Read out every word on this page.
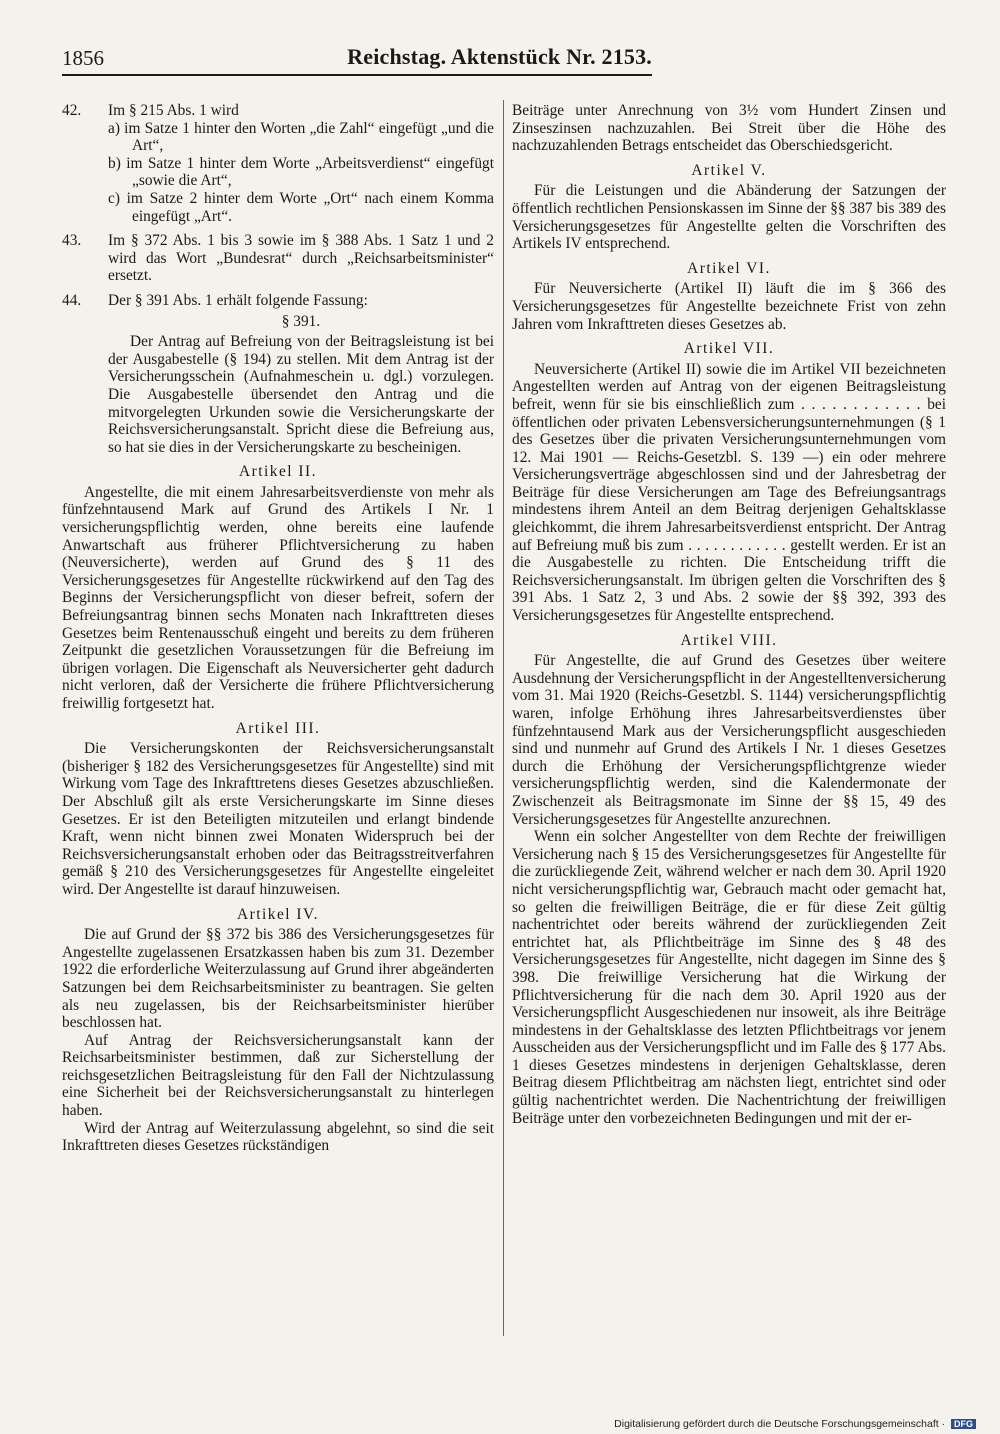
1856	Reichstag. Aktenstück Nr. 2153.
42.	Im § 215 Abs. 1 wird

a) im Satze 1 hinter den Worten „die Zahl“ eingefügt „und die Art“,

b) im Satze 1 hinter dem Worte „Arbeitsverdienst“ eingefügt „sowie die Art“,

c) im Satze 2 hinter dem Worte „Ort“ nach einem Komma eingefügt „Art“.

43.	Im § 372 Abs. 1 bis 3 sowie im § 388 Abs. 1 Satz 1 und 2 wird das Wort „Bundesrat“ durch „Reichsarbeitsminister“ ersetzt.

44.	Der § 391 Abs. 1 erhält folgende Fassung:

§ 391.

Der Antrag auf Befreiung von der Beitragsleistung ist bei der Ausgabestelle (§ 194) zu stellen. Mit dem Antrag ist der Versicherungsschein (Aufnahmeschein u. dgl.) vorzulegen. Die Ausgabestelle übersendet den Antrag und die mitvorgelegten Urkunden sowie die Versicherungskarte der Reichsversicherungsanstalt. Spricht diese die Befreiung aus, so hat sie dies in der Versicherungskarte zu bescheinigen.

Artikel II.

Angestellte, die mit einem Jahresarbeitsverdienste von mehr als fünfzehntausend Mark auf Grund des Artikels I Nr. 1 versicherungspflichtig werden, ohne bereits eine laufende Anwartschaft aus früherer Pflichtversicherung zu haben (Neuversicherte), werden auf Grund des § 11 des Versicherungsgesetzes für Angestellte rückwirkend auf den Tag des Beginns der Versicherungspflicht von dieser befreit, sofern der Befreiungsantrag binnen sechs Monaten nach Inkrafttreten dieses Gesetzes beim Rentenausschuß eingeht und bereits zu dem früheren Zeitpunkt die gesetzlichen Voraussetzungen für die Befreiung im übrigen vorlagen. Die Eigenschaft als Neuversicherter geht dadurch nicht verloren, daß der Versicherte die frühere Pflichtversicherung freiwillig fortgesetzt hat.

Artikel III.

Die Versicherungskonten der Reichsversicherungsanstalt (bisheriger § 182 des Versicherungsgesetzes für Angestellte) sind mit Wirkung vom Tage des Inkrafttretens dieses Gesetzes abzuschließen. Der Abschluß gilt als erste Versicherungskarte im Sinne dieses Gesetzes. Er ist den Beteiligten mitzuteilen und erlangt bindende Kraft, wenn nicht binnen zwei Monaten Widerspruch bei der Reichsversicherungsanstalt erhoben oder das Beitragsstreitverfahren gemäß § 210 des Versicherungsgesetzes für Angestellte eingeleitet wird. Der Angestellte ist darauf hinzuweisen.

Artikel IV.

Die auf Grund der §§ 372 bis 386 des Versicherungsgesetzes für Angestellte zugelassenen Ersatzkassen haben bis zum 31. Dezember 1922 die erforderliche Weiterzulassung auf Grund ihrer abgeänderten Satzungen bei dem Reichsarbeitsminister zu beantragen. Sie gelten als neu zugelassen, bis der Reichsarbeitsminister hierüber beschlossen hat.

Auf Antrag der Reichsversicherungsanstalt kann der Reichsarbeitsminister bestimmen, daß zur Sicherstellung der reichsgesetzlichen Beitragsleistung für den Fall der Nichtzulassung eine Sicherheit bei der Reichsversicherungsanstalt zu hinterlegen haben.

Wird der Antrag auf Weiterzulassung abgelehnt, so sind die seit Inkrafttreten dieses Gesetzes rückständigen

Beiträge unter Anrechnung von 3½ vom Hundert Zinsen und Zinseszinsen nachzuzahlen. Bei Streit über die Höhe des nachzuzahlenden Betrags entscheidet das Oberschiedsgericht.

Artikel V.

Für die Leistungen und die Abänderung der Satzungen der öffentlich rechtlichen Pensionskassen im Sinne der §§ 387 bis 389 des Versicherungsgesetzes für Angestellte gelten die Vorschriften des Artikels IV entsprechend.

Artikel VI.

Für Neuversicherte (Artikel II) läuft die im § 366 des Versicherungsgesetzes für Angestellte bezeichnete Frist von zehn Jahren vom Inkrafttreten dieses Gesetzes ab.

Artikel VII.

Neuversicherte (Artikel II) sowie die im Artikel VII bezeichneten Angestellten werden auf Antrag von der eigenen Beitragsleistung befreit, wenn für sie bis einschließlich zum . . . . . . . . . . . . bei öffentlichen oder privaten Lebensversicherungsunternehmungen (§ 1 des Gesetzes über die privaten Versicherungsunternehmungen vom 12. Mai 1901 — Reichs-Gesetzbl. S. 139 —) ein oder mehrere Versicherungsverträge abgeschlossen sind und der Jahresbetrag der Beiträge für diese Versicherungen am Tage des Befreiungsantrags mindestens ihrem Anteil an dem Beitrag derjenigen Gehaltsklasse gleichkommt, die ihrem Jahresarbeitsverdienst entspricht. Der Antrag auf Befreiung muß bis zum . . . . . . . . . . . . gestellt werden. Er ist an die Ausgabestelle zu richten. Die Entscheidung trifft die Reichsversicherungsanstalt. Im übrigen gelten die Vorschriften des § 391 Abs. 1 Satz 2, 3 und Abs. 2 sowie der §§ 392, 393 des Versicherungsgesetzes für Angestellte entsprechend.

Artikel VIII.

Für Angestellte, die auf Grund des Gesetzes über weitere Ausdehnung der Versicherungspflicht in der Angestelltenversicherung vom 31. Mai 1920 (Reichs-Gesetzbl. S. 1144) versicherungspflichtig waren, infolge Erhöhung ihres Jahresarbeitsverdienstes über fünfzehntausend Mark aus der Versicherungspflicht ausgeschieden sind und nunmehr auf Grund des Artikels I Nr. 1 dieses Gesetzes durch die Erhöhung der Versicherungspflichtgrenze wieder versicherungspflichtig werden, sind die Kalendermonate der Zwischenzeit als Beitragsmonate im Sinne der §§ 15, 49 des Versicherungsgesetzes für Angestellte anzurechnen.

Wenn ein solcher Angestellter von dem Rechte der freiwilligen Versicherung nach § 15 des Versicherungsgesetzes für Angestellte für die zurückliegende Zeit, während welcher er nach dem 30. April 1920 nicht versicherungspflichtig war, Gebrauch macht oder gemacht hat, so gelten die freiwilligen Beiträge, die er für diese Zeit gültig nachentrichtet oder bereits während der zurückliegenden Zeit entrichtet hat, als Pflichtbeiträge im Sinne des § 48 des Versicherungsgesetzes für Angestellte, nicht dagegen im Sinne des § 398. Die freiwillige Versicherung hat die Wirkung der Pflichtversicherung für die nach dem 30. April 1920 aus der Versicherungspflicht Ausgeschiedenen nur insoweit, als ihre Beiträge mindestens in der Gehaltsklasse des letzten Pflichtbeitrags vor jenem Ausscheiden aus der Versicherungspflicht und im Falle des § 177 Abs. 1 dieses Gesetzes mindestens in derjenigen Gehaltsklasse, deren Beitrag diesem Pflichtbeitrag am nächsten liegt, entrichtet sind oder gültig nachentrichtet werden. Die Nachentrichtung der freiwilligen Beiträge unter den vorbezeichneten Bedingungen und mit der er-

Digitalisierung gefördert durch die Deutsche Forschungsgemeinschaft · DFG
